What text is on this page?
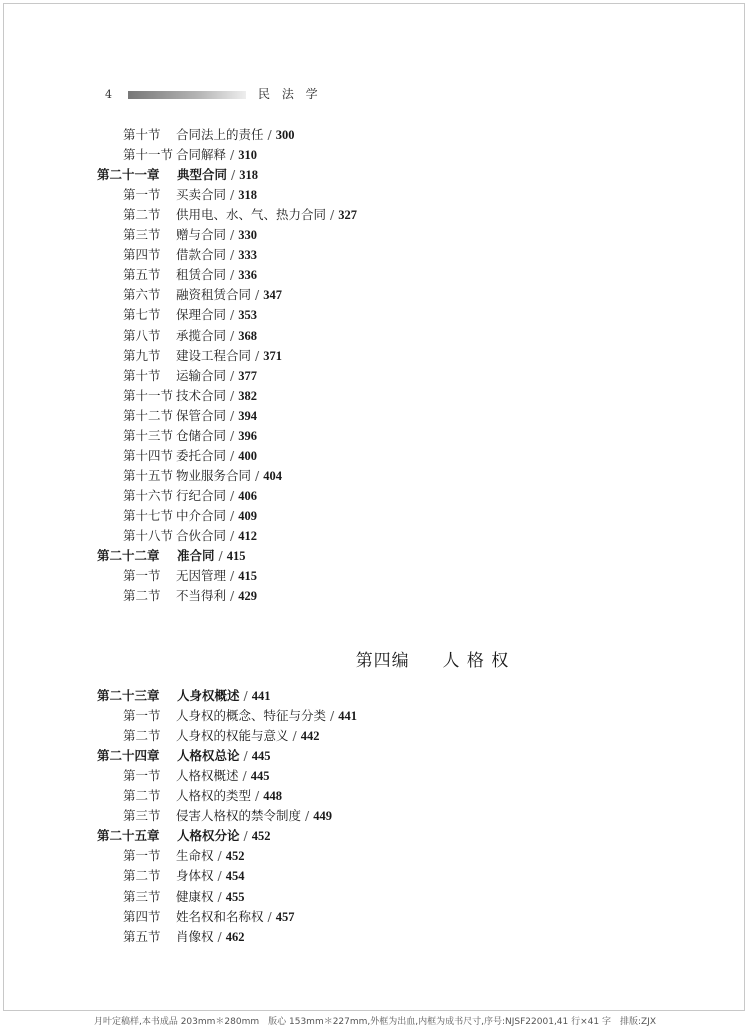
4	民 法 学
第十节 合同法上的责任 / 300
第十一节 合同解释 / 310
第二十一章 典型合同 / 318
第一节 买卖合同 / 318
第二节 供用电、水、气、热力合同 / 327
第三节 赠与合同 / 330
第四节 借款合同 / 333
第五节 租赁合同 / 336
第六节 融资租赁合同 / 347
第七节 保理合同 / 353
第八节 承揽合同 / 368
第九节 建设工程合同 / 371
第十节 运输合同 / 377
第十一节 技术合同 / 382
第十二节 保管合同 / 394
第十三节 仓储合同 / 396
第十四节 委托合同 / 400
第十五节 物业服务合同 / 404
第十六节 行纪合同 / 406
第十七节 中介合同 / 409
第十八节 合伙合同 / 412
第二十二章 准合同 / 415
第一节 无因管理 / 415
第二节 不当得利 / 429
第四编 人 格 权
第二十三章 人身权概述 / 441
第一节 人身权的概念、特征与分类 / 441
第二节 人身权的权能与意义 / 442
第二十四章 人格权总论 / 445
第一节 人格权概述 / 445
第二节 人格权的类型 / 448
第三节 侵害人格权的禁令制度 / 449
第二十五章 人格权分论 / 452
第一节 生命权 / 452
第二节 身体权 / 454
第三节 健康权 / 455
第四节 姓名权和名称权 / 457
第五节 肖像权 / 462
月叶定稿样,本书成品 203mm＊280mm　版心 153mm＊227mm,外框为出血,内框为成书尺寸,序号:NJSF22001,41 行×41 字　排版:ZJX
